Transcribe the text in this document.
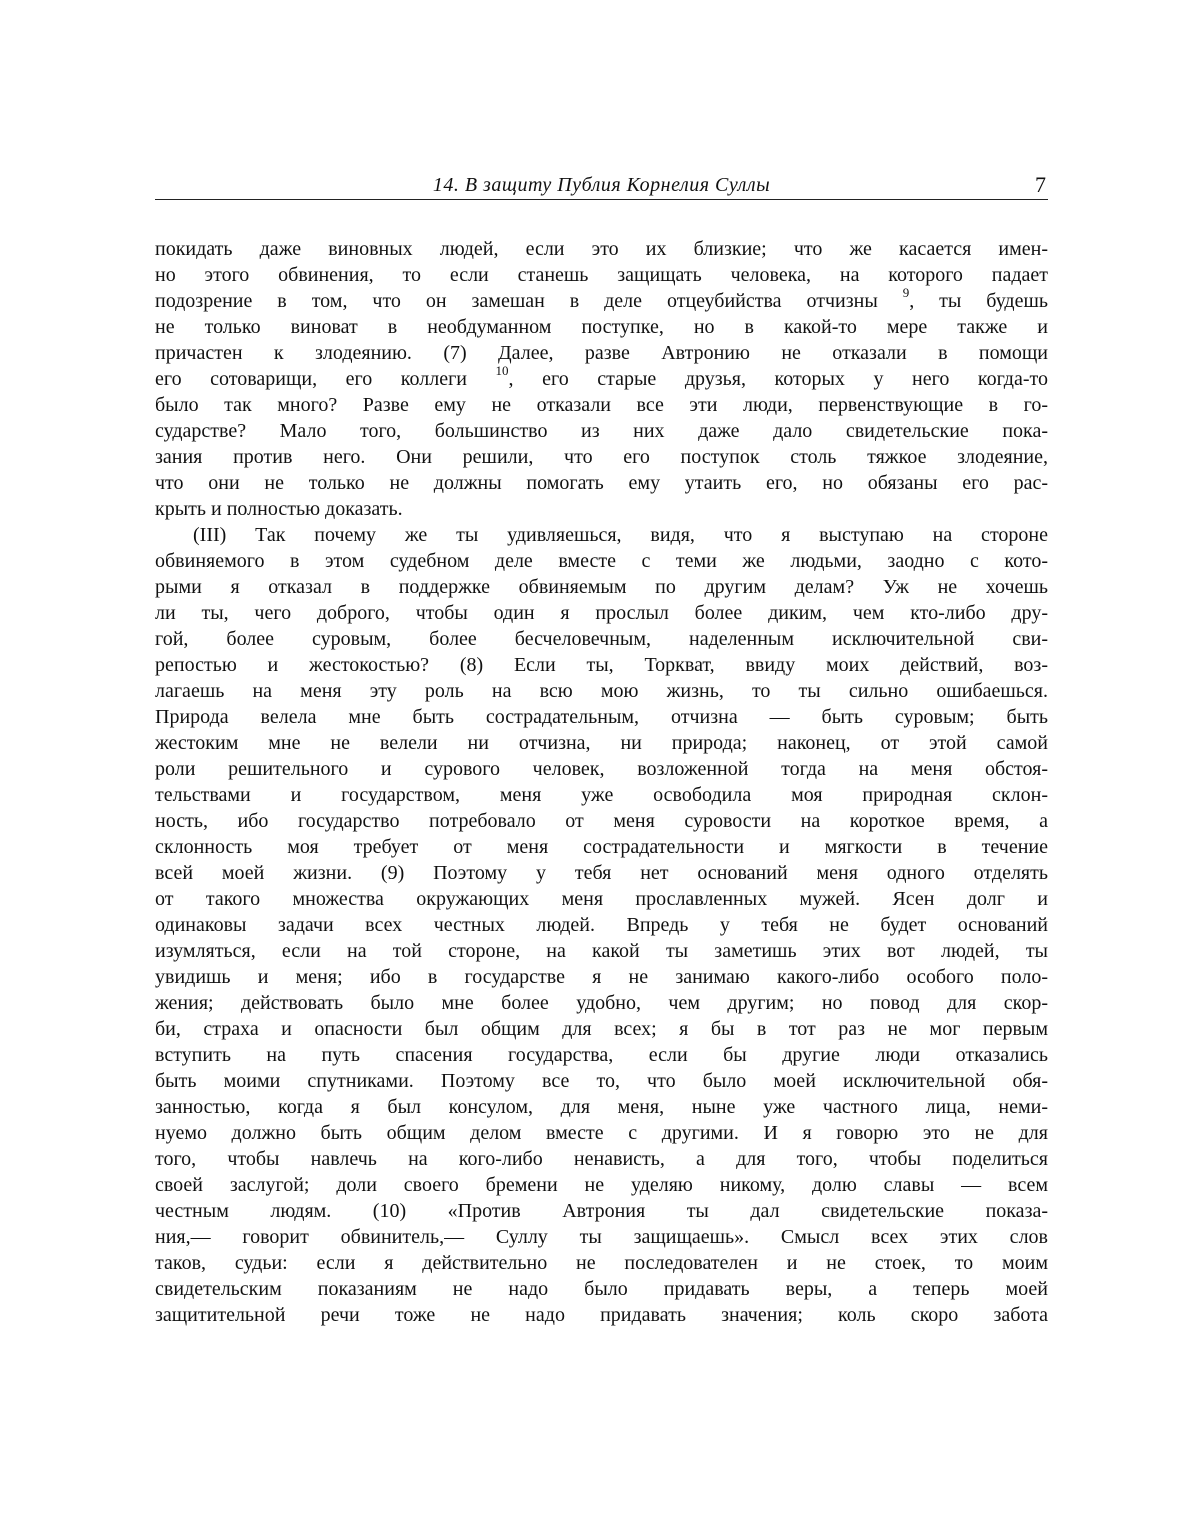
14. В защиту Публия Корнелия Суллы	7
покидать даже виновных людей, если это их близкие; что же касается имен-
но этого обвинения, то если станешь защищать человека, на которого падает
подозрение в том, что он замешан в деле отцеубийства отчизны $^9$, ты будешь
не только виноват в необдуманном поступке, но в какой-то мере также и
причастен к злодеянию. (7) Далее, разве Автронию не отказали в помощи
его сотоварищи, его коллеги $^{10}$, его старые друзья, которых у него когда-то
было так много? Разве ему не отказали все эти люди, первенствующие в го-
сударстве? Мало того, большинство из них даже дало свидетельские пока-
зания против него. Они решили, что его поступок столь тяжкое злодеяние,
что они не только не должны помогать ему утаить его, но обязаны его рас-
крыть и полностью доказать.
(III) Так почему же ты удивляешься, видя, что я выступаю на стороне
обвиняемого в этом судебном деле вместе с теми же людьми, заодно с кото-
рыми я отказал в поддержке обвиняемым по другим делам? Уж не хочешь
ли ты, чего доброго, чтобы один я прослыл более диким, чем кто-либо дру-
гой, более суровым, более бесчеловечным, наделенным исключительной сви-
репостью и жестокостью? (8) Если ты, Торкват, ввиду моих действий, воз-
лагаешь на меня эту роль на всю мою жизнь, то ты сильно ошибаешься.
Природа велела мне быть сострадательным, отчизна — быть суровым; быть
жестоким мне не велели ни отчизна, ни природа; наконец, от этой самой
роли решительного и сурового человек, возложенной тогда на меня обстоя-
тельствами и государством, меня уже освободила моя природная склон-
ность, ибо государство потребовало от меня суровости на короткое время, а
склонность моя требует от меня сострадательности и мягкости в течение
всей моей жизни. (9) Поэтому у тебя нет оснований меня одного отделять
от такого множества окружающих меня прославленных мужей. Ясен долг и
одинаковы задачи всех честных людей. Впредь у тебя не будет оснований
изумляться, если на той стороне, на какой ты заметишь этих вот людей, ты
увидишь и меня; ибо в государстве я не занимаю какого-либо особого поло-
жения; действовать было мне более удобно, чем другим; но повод для скор-
би, страха и опасности был общим для всех; я бы в тот раз не мог первым
вступить на путь спасения государства, если бы другие люди отказались
быть моими спутниками. Поэтому все то, что было моей исключительной обя-
занностью, когда я был консулом, для меня, ныне уже частного лица, неми-
нуемо должно быть общим делом вместе с другими. И я говорю это не для
того, чтобы навлечь на кого-либо ненависть, а для того, чтобы поделиться
своей заслугой; доли своего бремени не уделяю никому, долю славы — всем
честным людям. (10) «Против Автрония ты дал свидетельские показа-
ния,— говорит обвинитель,— Суллу ты защищаешь». Смысл всех этих слов
таков, судьи: если я действительно не последователен и не стоек, то моим
свидетельским показаниям не надо было придавать веры, а теперь моей
защитительной речи тоже не надо придавать значения; коль скоро забота
